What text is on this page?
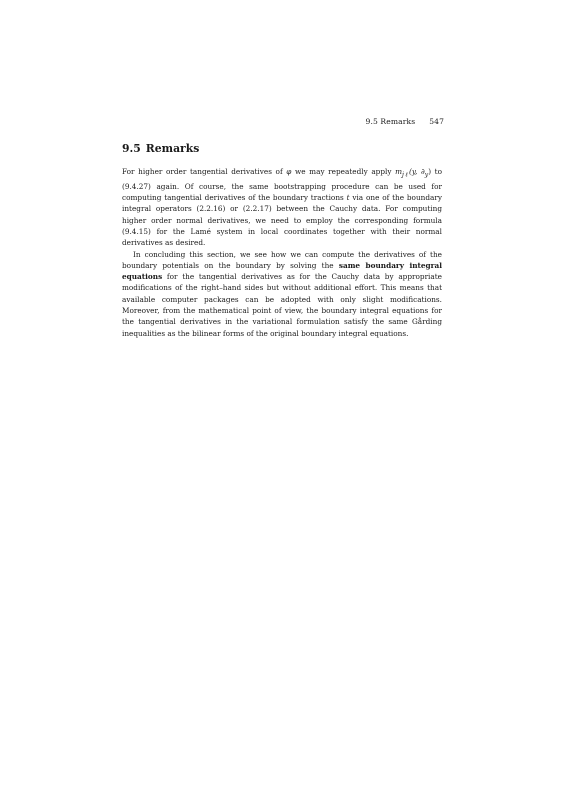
9.5 Remarks 547
9.5 Remarks

For higher order tangential derivatives of φ we may repeatedly apply $m_{j\ell}(y$, $\partial_y$) to (9.4.27) again. Of course, the same bootstrapping procedure can be used for computing tangential derivatives of the boundary tractions t via one of the boundary integral operators (2.2.16) or (2.2.17) between the Cauchy data. For computing higher order normal derivatives, we need to employ the corresponding formula (9.4.15) for the Lamé system in local coordinates together with their normal derivatives as desired.

In concluding this section, we see how we can compute the derivatives of the boundary potentials on the boundary by solving the same boundary integral equations for the tangential derivatives as for the Cauchy data by appropriate modifications of the right–hand sides but without additional effort. This means that available computer packages can be adopted with only slight modifications. Moreover, from the mathematical point of view, the boundary integral equations for the tangential derivatives in the variational formulation satisfy the same Gårding inequalities as the bilinear forms of the original boundary integral equations.
